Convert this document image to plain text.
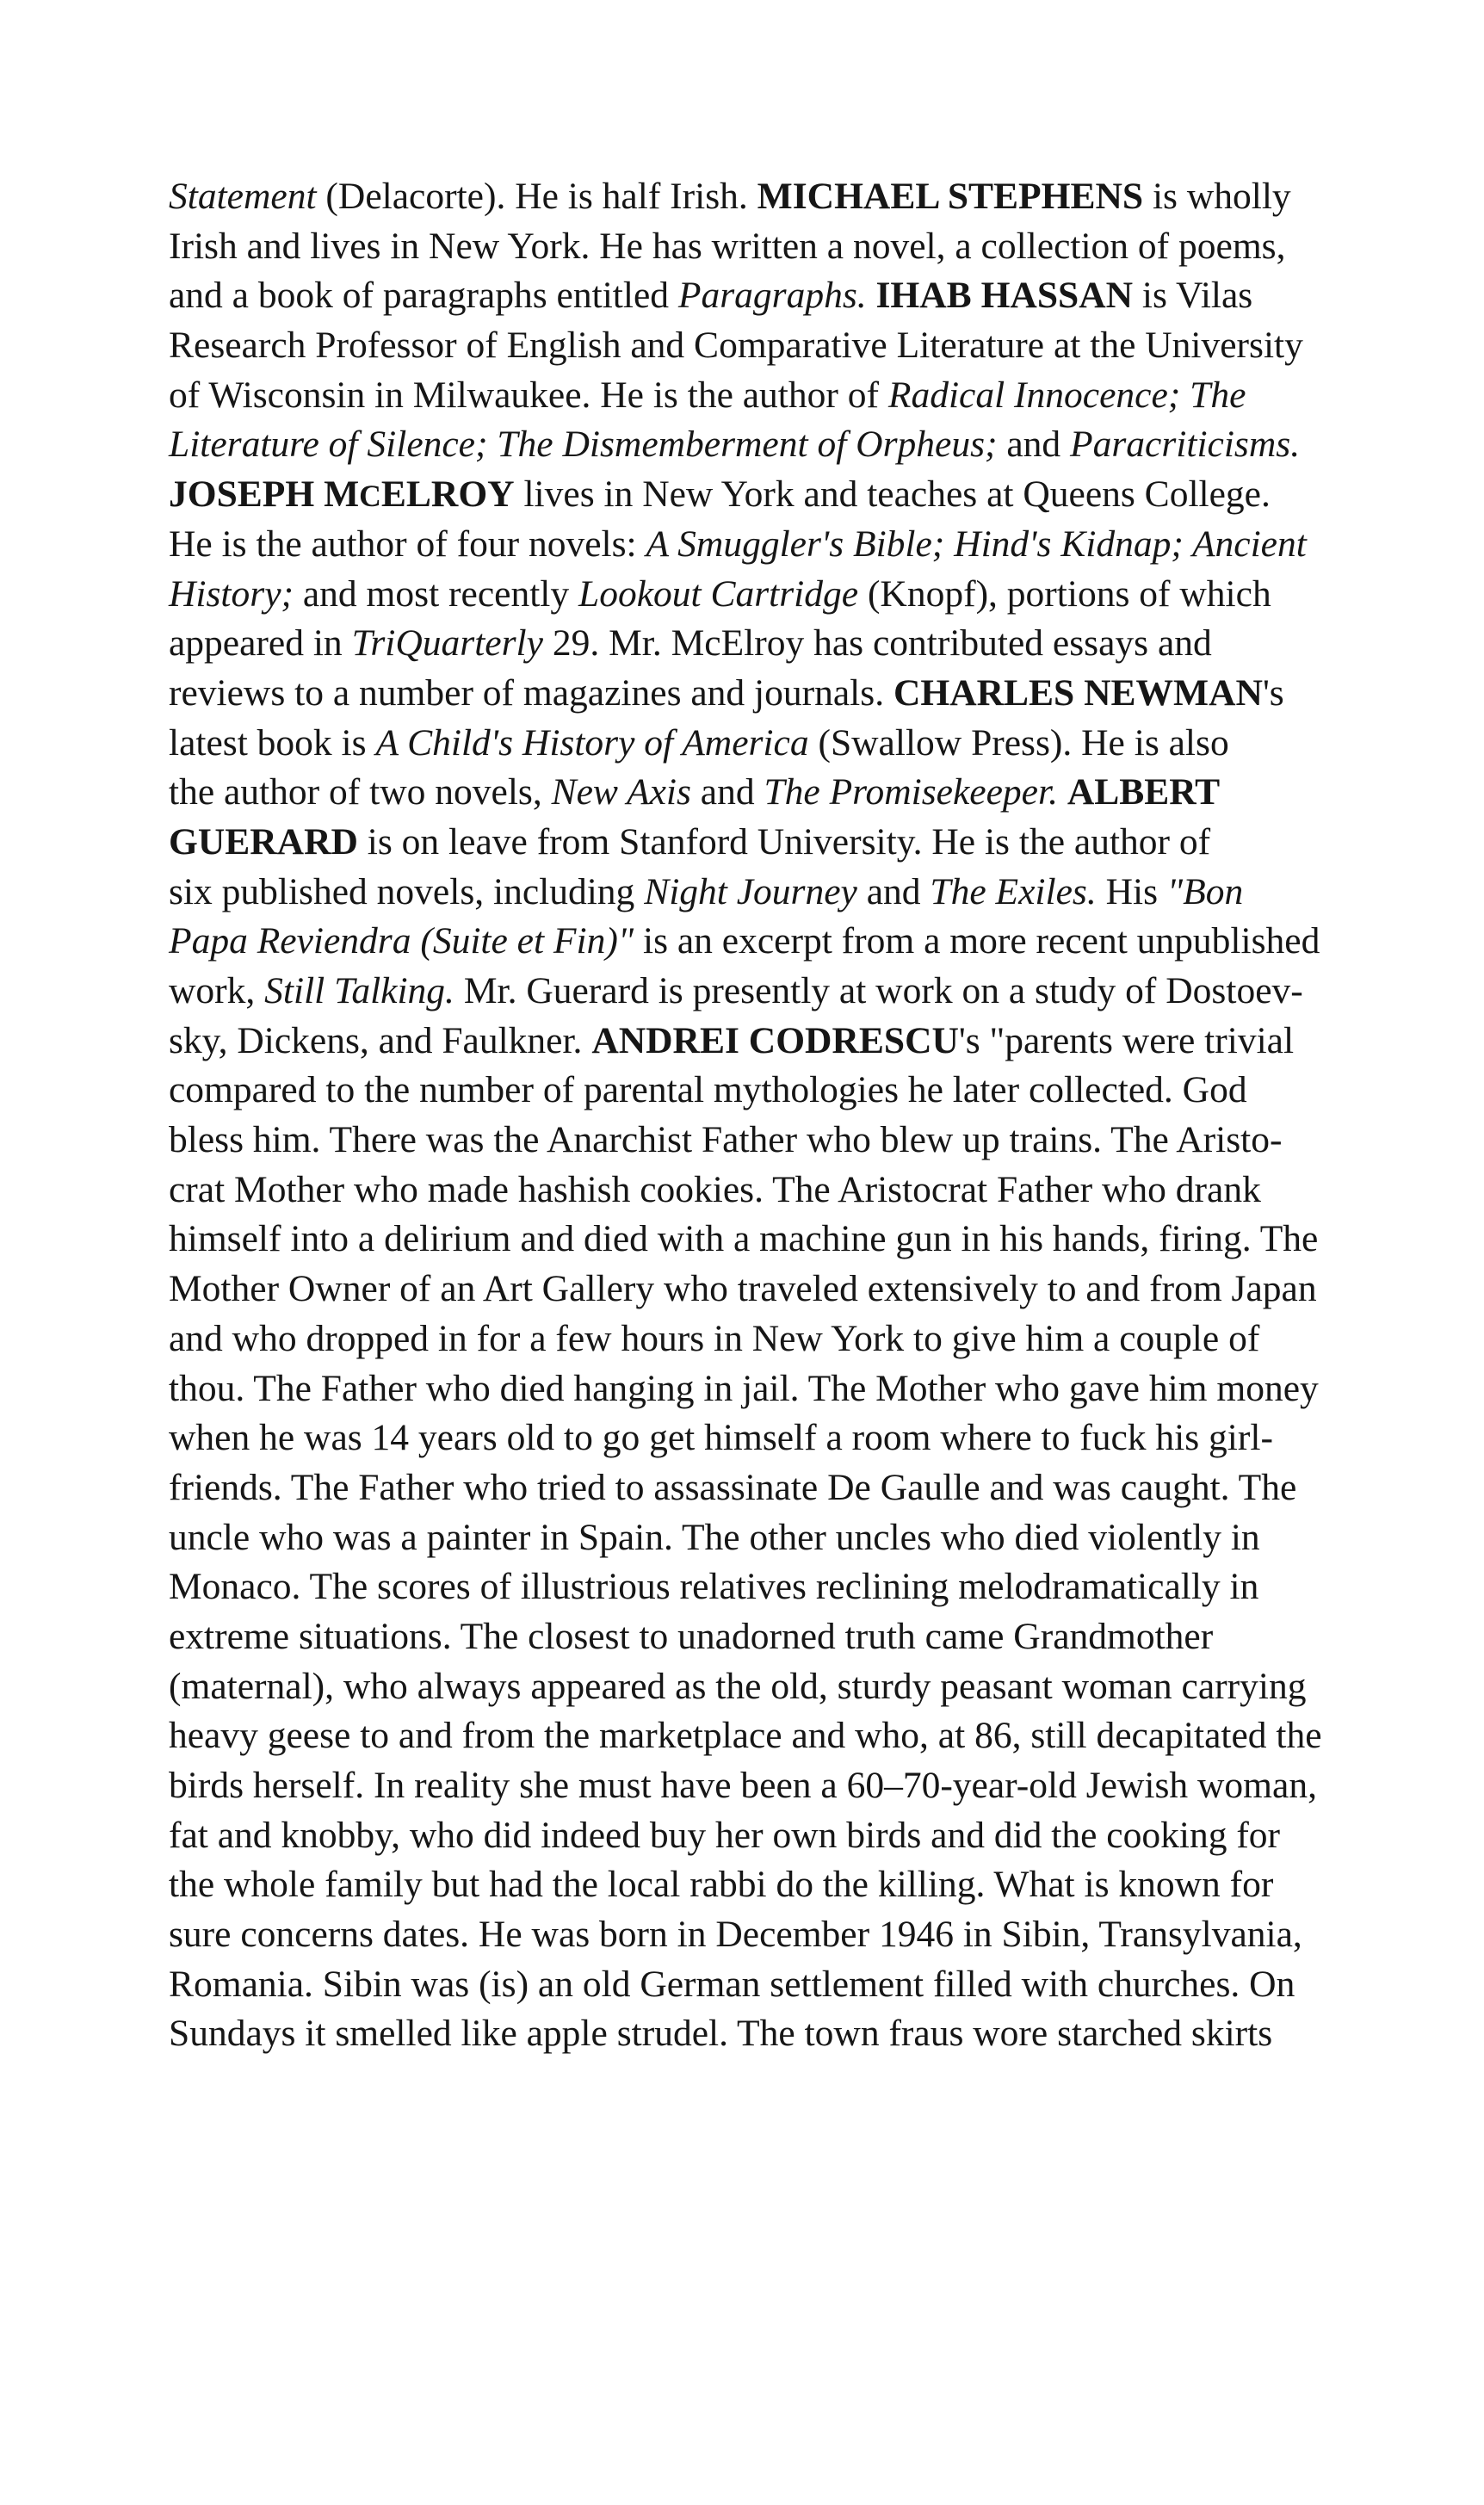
Statement (Delacorte). He is half Irish. MICHAEL STEPHENS is wholly
Irish and lives in New York. He has written a novel, a collection of poems,
and a book of paragraphs entitled Paragraphs. IHAB HASSAN is Vilas
Research Professor of English and Comparative Literature at the University
of Wisconsin in Milwaukee. He is the author of Radical Innocence; The
Literature of Silence; The Dismemberment of Orpheus; and Paracriticisms.
JOSEPH MCELROY lives in New York and teaches at Queens College.
He is the author of four novels: A Smuggler's Bible; Hind's Kidnap; Ancient
History; and most recently Lookout Cartridge (Knopf), portions of which
appeared in TriQuarterly 29. Mr. McElroy has contributed essays and
reviews to a number of magazines and journals. CHARLES NEWMAN's
latest book is A Child's History of America (Swallow Press). He is also
the author of two novels, New Axis and The Promisekeeper. ALBERT
GUERARD is on leave from Stanford University. He is the author of
six published novels, including Night Journey and The Exiles. His "Bon
Papa Reviendra (Suite et Fin)" is an excerpt from a more recent unpublished
work, Still Talking. Mr. Guerard is presently at work on a study of Dostoev-
sky, Dickens, and Faulkner. ANDREI CODRESCU's "parents were trivial
compared to the number of parental mythologies he later collected. God
bless him. There was the Anarchist Father who blew up trains. The Aristo-
crat Mother who made hashish cookies. The Aristocrat Father who drank
himself into a delirium and died with a machine gun in his hands, firing. The
Mother Owner of an Art Gallery who traveled extensively to and from Japan
and who dropped in for a few hours in New York to give him a couple of
thou. The Father who died hanging in jail. The Mother who gave him money
when he was 14 years old to go get himself a room where to fuck his girl-
friends. The Father who tried to assassinate De Gaulle and was caught. The
uncle who was a painter in Spain. The other uncles who died violently in
Monaco. The scores of illustrious relatives reclining melodramatically in
extreme situations. The closest to unadorned truth came Grandmother
(maternal), who always appeared as the old, sturdy peasant woman carrying
heavy geese to and from the marketplace and who, at 86, still decapitated the
birds herself. In reality she must have been a 60–70-year-old Jewish woman,
fat and knobby, who did indeed buy her own birds and did the cooking for
the whole family but had the local rabbi do the killing. What is known for
sure concerns dates. He was born in December 1946 in Sibin, Transylvania,
Romania. Sibin was (is) an old German settlement filled with churches. On
Sundays it smelled like apple strudel. The town fraus wore starched skirts
